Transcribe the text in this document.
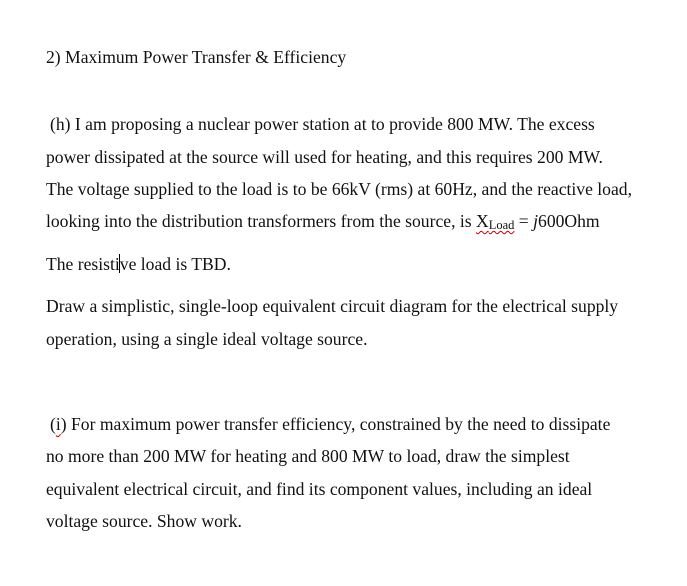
2) Maximum Power Transfer & Efficiency
(h) I am proposing a nuclear power station at to provide 800 MW. The excess
power dissipated at the source will used for heating, and this requires 200 MW.
The voltage supplied to the load is to be 66kV (rms) at 60Hz, and the reactive load,
looking into the distribution transformers from the source, is XLoad = j600Ohm
The resistive load is TBD.
Draw a simplistic, single-loop equivalent circuit diagram for the electrical supply
operation, using a single ideal voltage source.
(i) For maximum power transfer efficiency, constrained by the need to dissipate
no more than 200 MW for heating and 800 MW to load, draw the simplest
equivalent electrical circuit, and find its component values, including an ideal
voltage source. Show work.
